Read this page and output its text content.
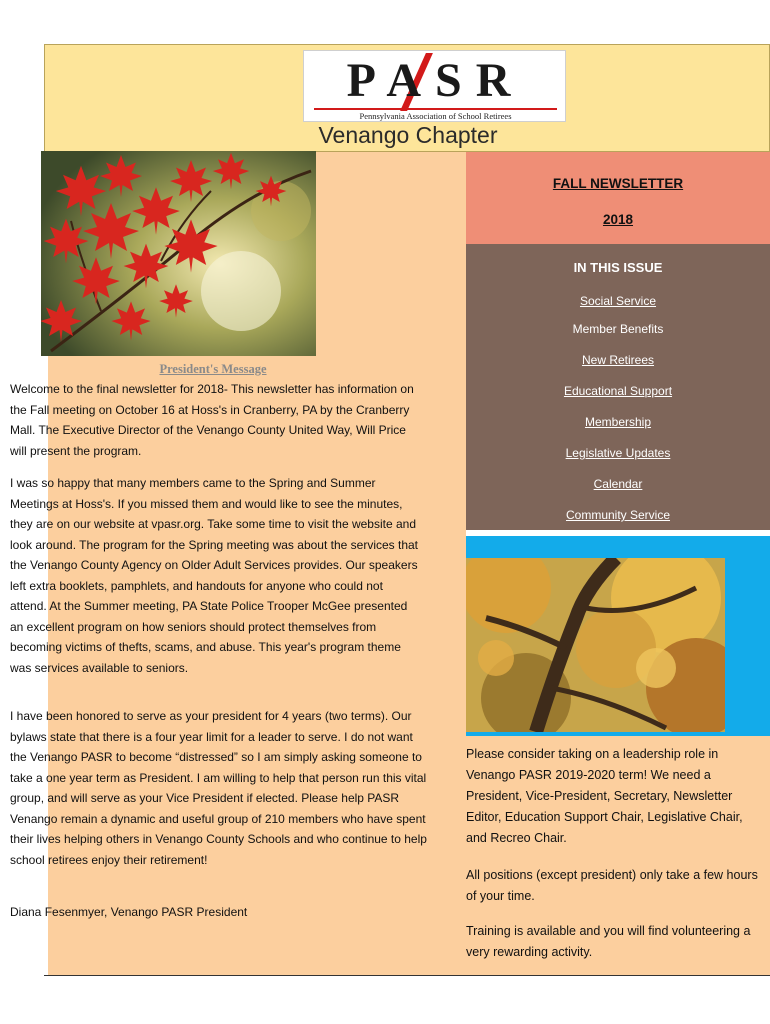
PASR
Pennsylvania Association of School Retirees
Venango Chapter
FALL NEWSLETTER
2018
IN THIS ISSUE
Social Service
Member Benefits
New Retirees
Educational Support
Membership
Legislative Updates
Calendar
Community Service
President's Message
Welcome to the final newsletter for 2018- This newsletter has information on the Fall meeting on October 16 at Hoss's in Cranberry, PA by the Cranberry Mall. The Executive Director of the Venango County United Way, Will Price will present the program.
I was so happy that many members came to the Spring and Summer Meetings at Hoss's. If you missed them and would like to see the minutes, they are on our website at vpasr.org. Take some time to visit the website and look around. The program for the Spring meeting was about the services that the Venango County Agency on Older Adult Services provides. Our speakers left extra booklets, pamphlets, and handouts for anyone who could not attend. At the Summer meeting, PA State Police Trooper McGee presented an excellent program on how seniors should protect themselves from becoming victims of thefts, scams, and abuse. This year's program theme was services available to seniors.
I have been honored to serve as your president for 4 years (two terms). Our bylaws state that there is a four year limit for a leader to serve. I do not want the Venango PASR to become “distressed” so I am simply asking someone to take a one year term as President. I am willing to help that person run this vital group, and will serve as your Vice President if elected. Please help PASR Venango remain a dynamic and useful group of 210 members who have spent their lives helping others in Venango County Schools and who continue to help school retirees enjoy their retirement!
Diana Fesenmyer, Venango PASR President
Please consider taking on a leadership role in Venango PASR 2019-2020 term! We need a President, Vice-President, Secretary, Newsletter Editor, Education Support Chair, Legislative Chair, and Recreo Chair.
All positions (except president) only take a few hours of your time.
Training is available and you will find volunteering a very rewarding activity.
